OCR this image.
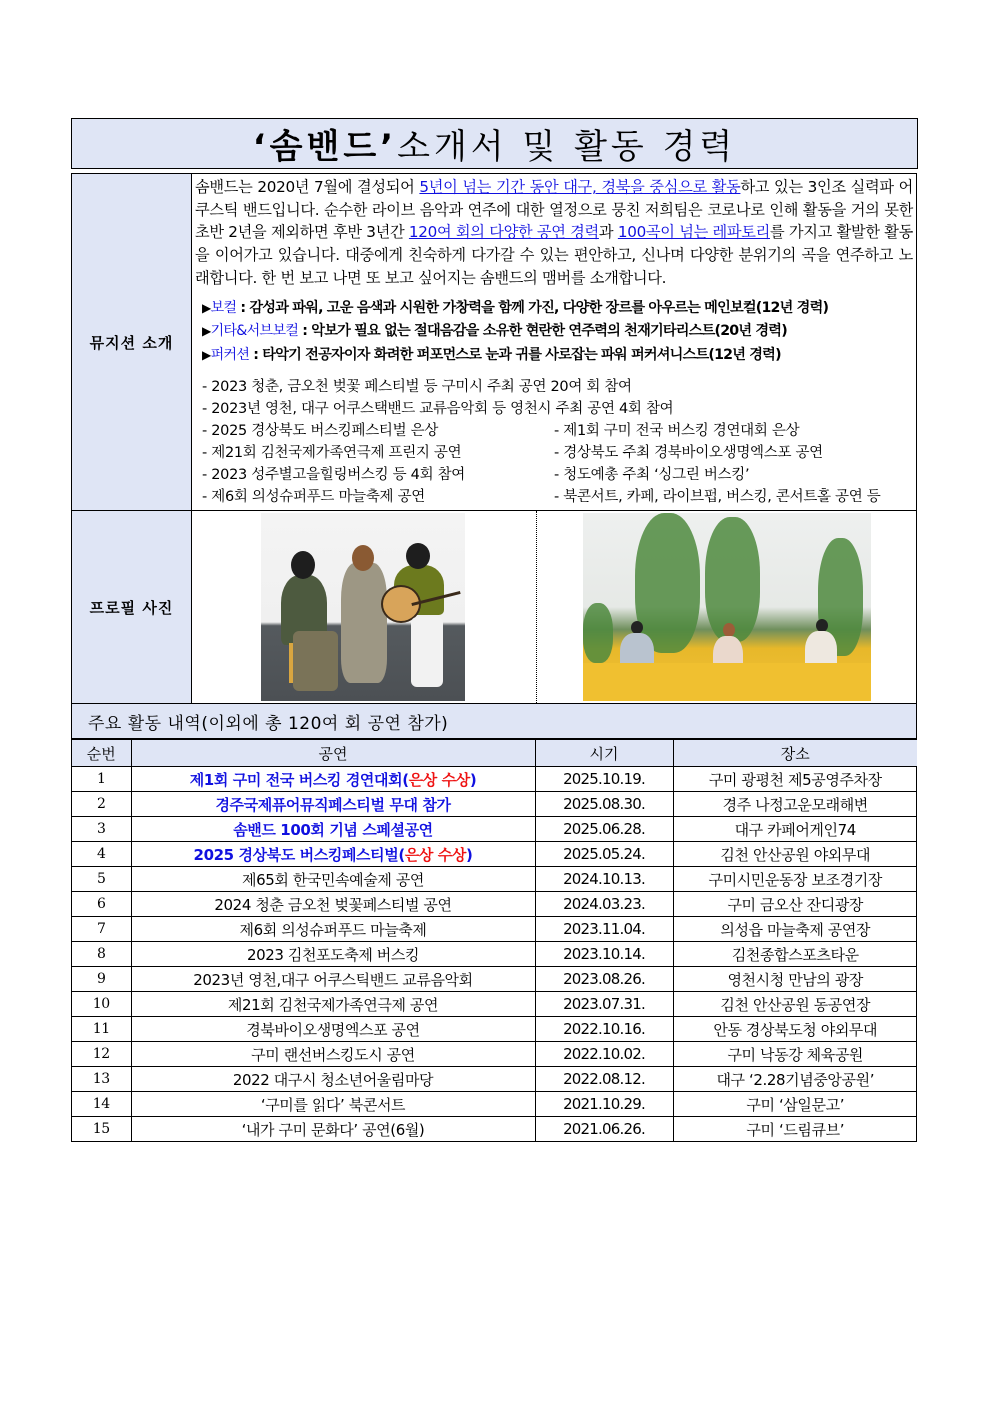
‘솜밴드’ 소개서 및 활동 경력
뮤지션 소개
솜밴드는 2020년 7월에 결성되어 5년이 넘는 기간 동안 대구, 경북을 중심으로 활동하고 있는 3인조 실력파 어쿠스틱 밴드입니다. 순수한 라이브 음악과 연주에 대한 열정으로 뭉친 저희팀은 코로나로 인해 활동을 거의 못한 초반 2년을 제외하면 후반 3년간 120여 회의 다양한 공연 경력과 100곡이 넘는 레파토리를 가지고 활발한 활동을 이어가고 있습니다. 대중에게 친숙하게 다가갈 수 있는 편안하고, 신나며 다양한 분위기의 곡을 연주하고 노래합니다. 한 번 보고 나면 또 보고 싶어지는 솜밴드의 맴버를 소개합니다.
▶보컬 : 감성과 파워, 고운 음색과 시원한 가창력을 함께 가진, 다양한 장르를 아우르는 메인보컬(12년 경력)
▶기타&서브보컬 : 악보가 필요 없는 절대음감을 소유한 현란한 연주력의 천재기타리스트(20년 경력)
▶퍼커션 : 타악기 전공자이자 화려한 퍼포먼스로 눈과 귀를 사로잡는 파워 퍼커셔니스트(12년 경력)
- 2023 청춘, 금오천 벚꽃 페스티벌 등 구미시 주최 공연 20여 회 참여
- 2023년 영천, 대구 어쿠스택밴드 교류음악회 등 영천시 주최 공연 4회 참여
- 2025 경상북도 버스킹페스티벌 은상	- 제1회 구미 전국 버스킹 경연대회 은상
- 제21회 김천국제가족연극제 프린지 공연	- 경상북도 주최 경북바이오생명엑스포 공연
- 2023 성주별고을힐링버스킹 등 4회 참여	- 청도예총 주최 ‘싱그린 버스킹’
- 제6회 의성슈퍼푸드 마늘축제 공연	- 북콘서트, 카페, 라이브펍, 버스킹, 콘서트홀 공연 등
프로필 사진
주요 활동 내역(이외에 총 120여 회 공연 참가)
순번	공연	시기	장소
1	제1회 구미 전국 버스킹 경연대회(은상 수상)	2025.10.19.	구미 광평천 제5공영주차장
2	경주국제퓨어뮤직페스티벌 무대 참가	2025.08.30.	경주 나정고운모래해변
3	솜밴드 100회 기념 스페셜공연	2025.06.28.	대구 카페어게인74
4	2025 경상북도 버스킹페스티벌(은상 수상)	2025.05.24.	김천 안산공원 야외무대
5	제65회 한국민속예술제 공연	2024.10.13.	구미시민운동장 보조경기장
6	2024 청춘 금오천 벚꽃페스티벌 공연	2024.03.23.	구미 금오산 잔디광장
7	제6회 의성슈퍼푸드 마늘축제	2023.11.04.	의성읍 마늘축제 공연장
8	2023 김천포도축제 버스킹	2023.10.14.	김천종합스포츠타운
9	2023년 영천,대구 어쿠스틱밴드 교류음악회	2023.08.26.	영천시청 만남의 광장
10	제21회 김천국제가족연극제 공연	2023.07.31.	김천 안산공원 동공연장
11	경북바이오생명엑스포 공연	2022.10.16.	안동 경상북도청 야외무대
12	구미 랜선버스킹도시 공연	2022.10.02.	구미 낙동강 체육공원
13	2022 대구시 청소년어울림마당	2022.08.12.	대구 ‘2.28기념중앙공원’
14	‘구미를 읽다’ 북콘서트	2021.10.29.	구미 ‘삼일문고’
15	‘내가 구미 문화다’ 공연(6월)	2021.06.26.	구미 ‘드림큐브’
